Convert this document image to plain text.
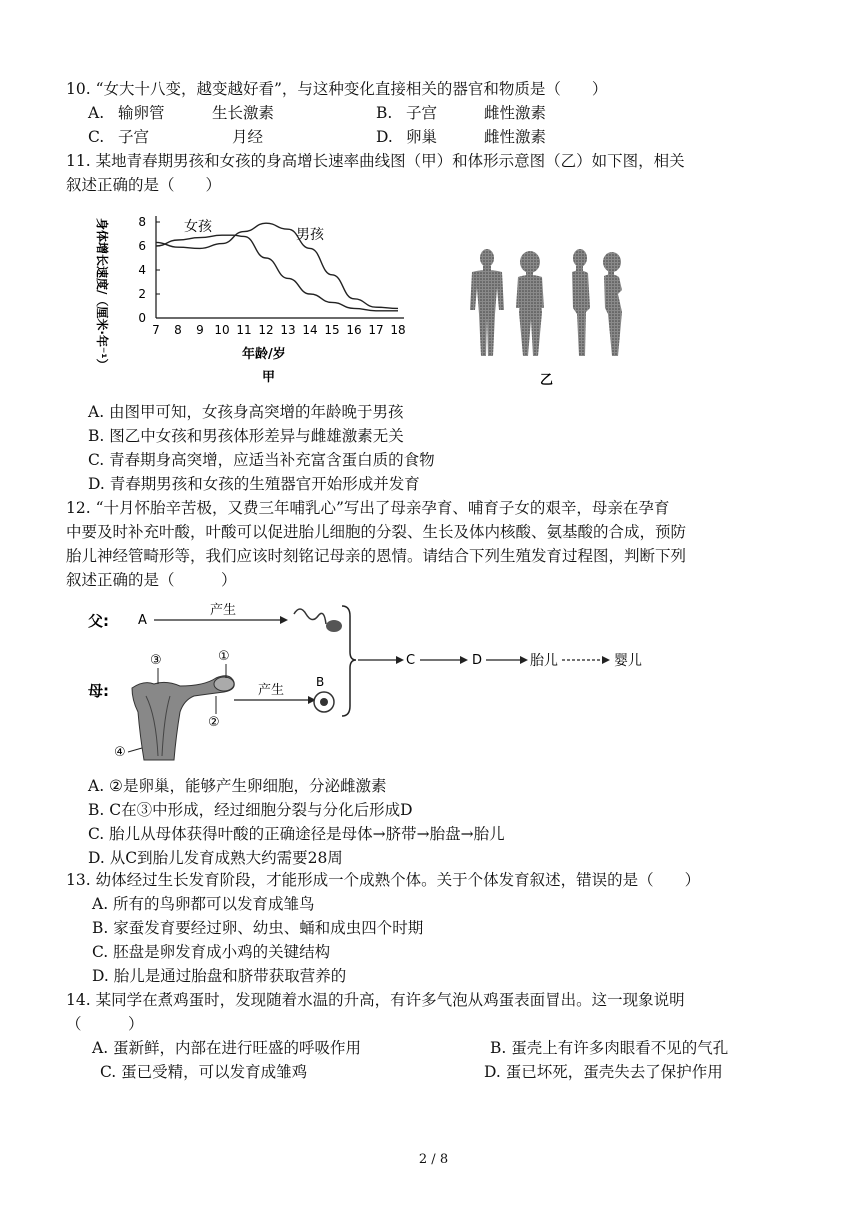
10. “女大十八变，越变越好看”，与这种变化直接相关的器官和物质是（　　）
A. 输卵管	生长激素	B. 子宫	雌性激素
C. 子宫	月经	D. 卵巢	雌性激素
11. 某地青春期男孩和女孩的身高增长速率曲线图（甲）和体形示意图（乙）如下图，相关
叙述正确的是（　　）
身体增长速度/（厘米·年⁻¹） 0
2
4
6
8
7 8 9 10 11 12 13 14 15 16 17 18
女孩	男孩
年龄/岁
甲	乙
A. 由图甲可知，女孩身高突增的年龄晚于男孩
B. 图乙中女孩和男孩体形差异与雌雄激素无关
C. 青春期身高突增，应适当补充富含蛋白质的食物
D. 青春期男孩和女孩的生殖器官开始形成并发育
12. “十月怀胎辛苦极，又费三年哺乳心”写出了母亲孕育、哺育子女的艰辛，母亲在孕育
中要及时补充叶酸，叶酸可以促进胎儿细胞的分裂、生长及体内核酸、氨基酸的合成，预防
胎儿神经管畸形等，我们应该时刻铭记母亲的恩情。请结合下列生殖发育过程图，判断下列
叙述正确的是（　　　）
父: A
产生
C	D	胎儿	婴儿
母:
③	①
②
④
产生
B
A. ②是卵巢，能够产生卵细胞，分泌雌激素
B. C在③中形成，经过细胞分裂与分化后形成D
C. 胎儿从母体获得叶酸的正确途径是母体→脐带→胎盘→胎儿
D. 从C到胎儿发育成熟大约需要28周
13. 幼体经过生长发育阶段，才能形成一个成熟个体。关于个体发育叙述，错误的是（　　）
A. 所有的鸟卵都可以发育成雏鸟
B. 家蚕发育要经过卵、幼虫、蛹和成虫四个时期
C. 胚盘是卵发育成小鸡的关键结构
D. 胎儿是通过胎盘和脐带获取营养的
14. 某同学在煮鸡蛋时，发现随着水温的升高，有许多气泡从鸡蛋表面冒出。这一现象说明
（　　　）
A. 蛋新鲜，内部在进行旺盛的呼吸作用	B. 蛋壳上有许多肉眼看不见的气孔
C. 蛋已受精，可以发育成雏鸡	D. 蛋已坏死，蛋壳失去了保护作用
2 / 8
